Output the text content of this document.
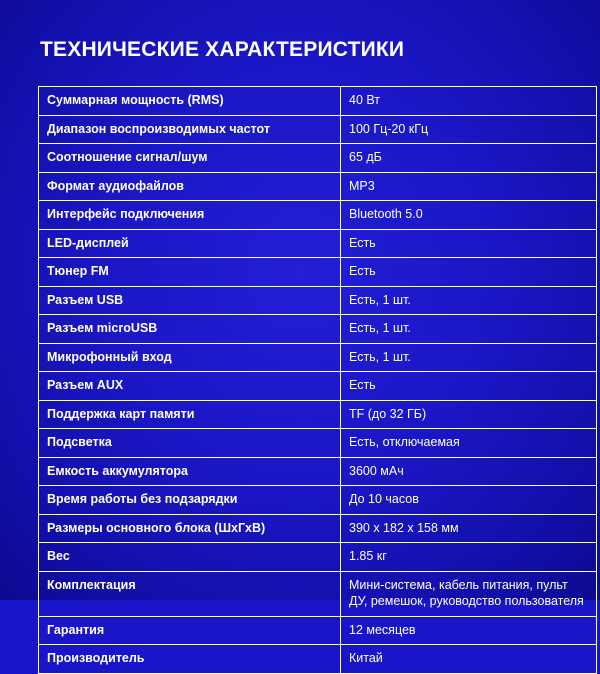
ТЕХНИЧЕСКИЕ ХАРАКТЕРИСТИКИ
Суммарная мощность (RMS)	40 Вт
Диапазон воспроизводимых частот	100 Гц-20 кГц
Соотношение сигнал/шум	65 дБ
Формат аудиофайлов	MP3
Интерфейс подключения	Bluetooth 5.0
LED-дисплей	Есть
Тюнер FM	Есть
Разъем USB	Есть, 1 шт.
Разъем microUSB	Есть, 1 шт.
Микрофонный вход	Есть, 1 шт.
Разъем AUX	Есть
Поддержка карт памяти	TF (до 32 ГБ)
Подсветка	Есть, отключаемая
Емкость аккумулятора	3600 мАч
Время работы без подзарядки	До 10 часов
Размеры основного блока (ШхГхВ)	390 x 182 x 158 мм
Вес	1.85 кг
Комплектация	Мини-система, кабель питания, пульт ДУ, ремешок, руководство пользователя
Гарантия	12 месяцев
Производитель	Китай
